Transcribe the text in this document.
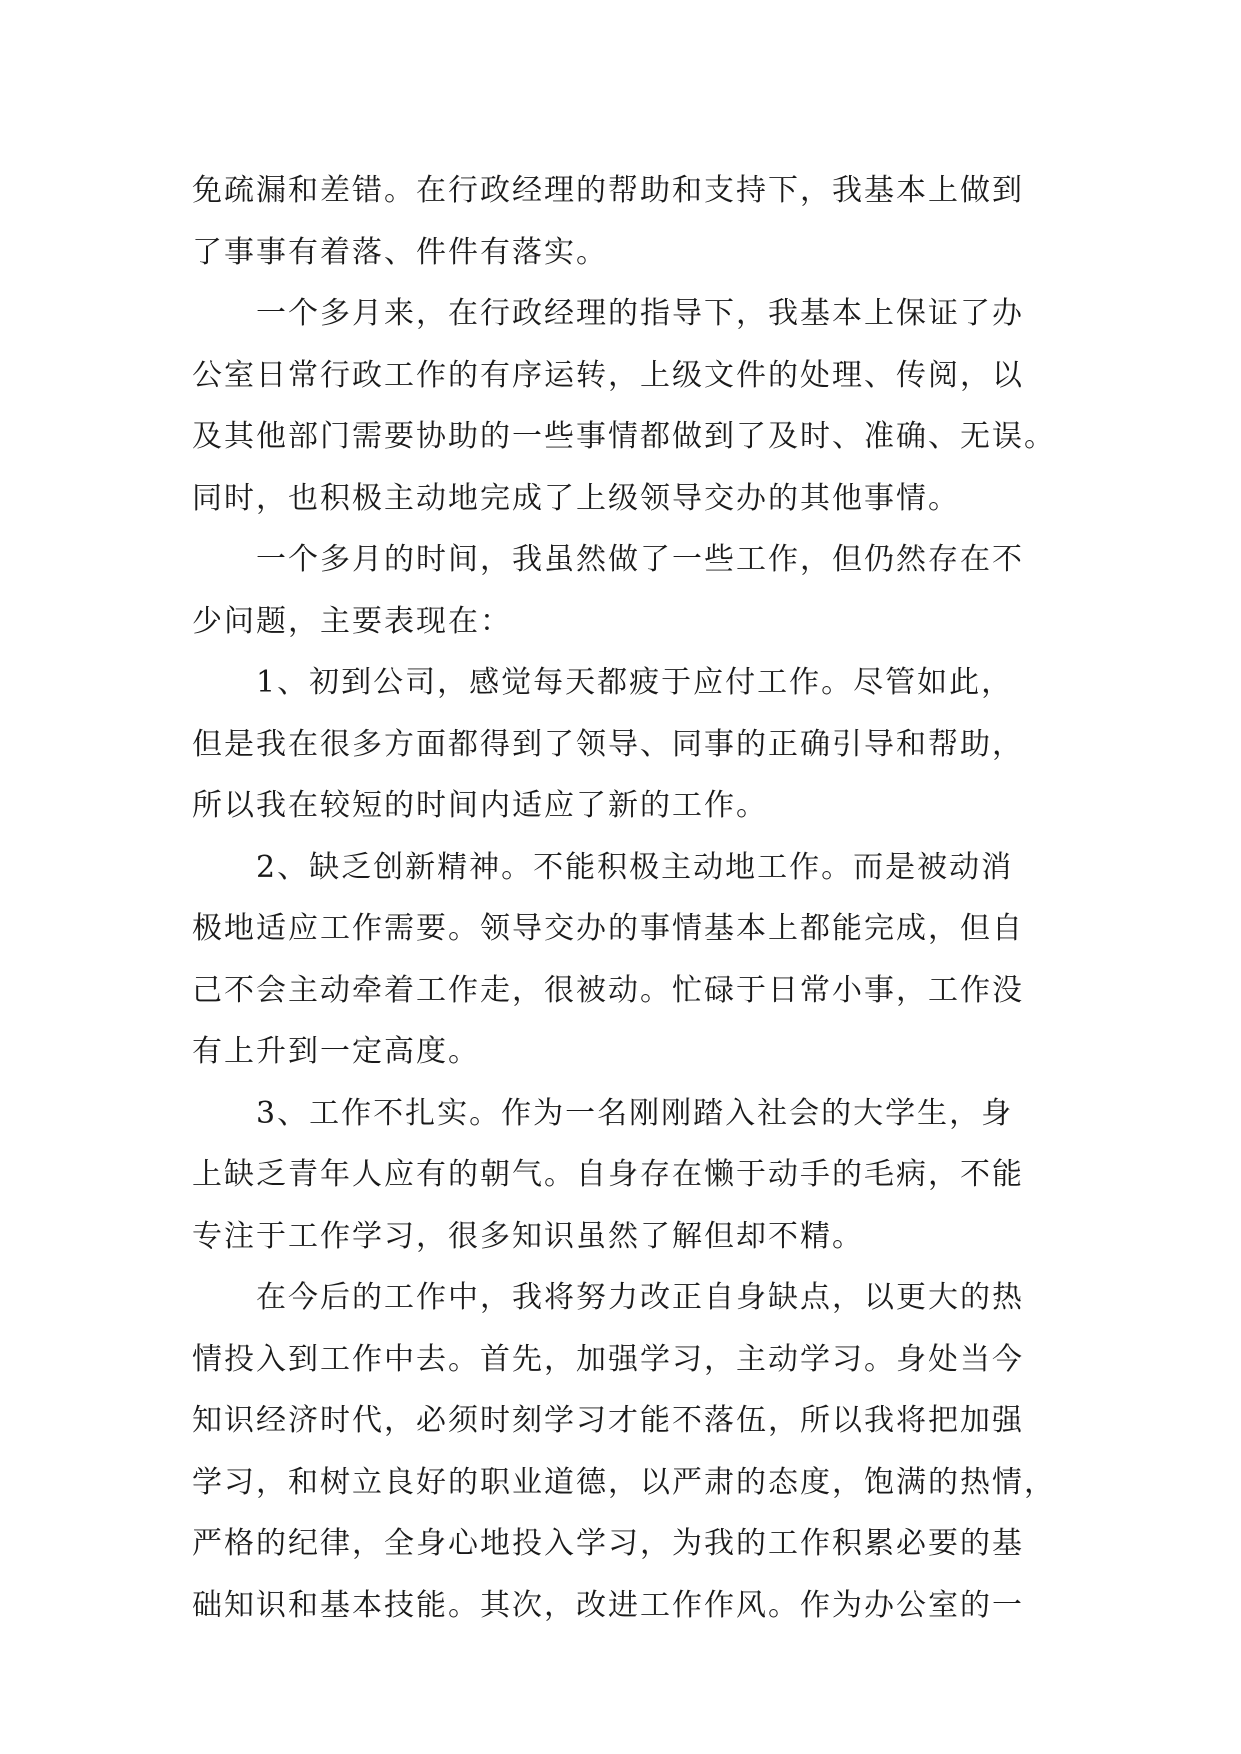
免疏漏和差错。在行政经理的帮助和支持下，我基本上做到
了事事有着落、件件有落实。
一个多月来，在行政经理的指导下，我基本上保证了办
公室日常行政工作的有序运转，上级文件的处理、传阅，以
及其他部门需要协助的一些事情都做到了及时、准确、无误。
同时，也积极主动地完成了上级领导交办的其他事情。
一个多月的时间，我虽然做了一些工作，但仍然存在不
少问题，主要表现在：
1、初到公司，感觉每天都疲于应付工作。尽管如此，
但是我在很多方面都得到了领导、同事的正确引导和帮助，
所以我在较短的时间内适应了新的工作。
2、缺乏创新精神。不能积极主动地工作。而是被动消
极地适应工作需要。领导交办的事情基本上都能完成，但自
己不会主动牵着工作走，很被动。忙碌于日常小事，工作没
有上升到一定高度。
3、工作不扎实。作为一名刚刚踏入社会的大学生，身
上缺乏青年人应有的朝气。自身存在懒于动手的毛病，不能
专注于工作学习，很多知识虽然了解但却不精。
在今后的工作中，我将努力改正自身缺点，以更大的热
情投入到工作中去。首先，加强学习，主动学习。身处当今
知识经济时代，必须时刻学习才能不落伍，所以我将把加强
学习，和树立良好的职业道德，以严肃的态度，饱满的热情，
严格的纪律，全身心地投入学习，为我的工作积累必要的基
础知识和基本技能。其次，改进工作作风。作为办公室的一
